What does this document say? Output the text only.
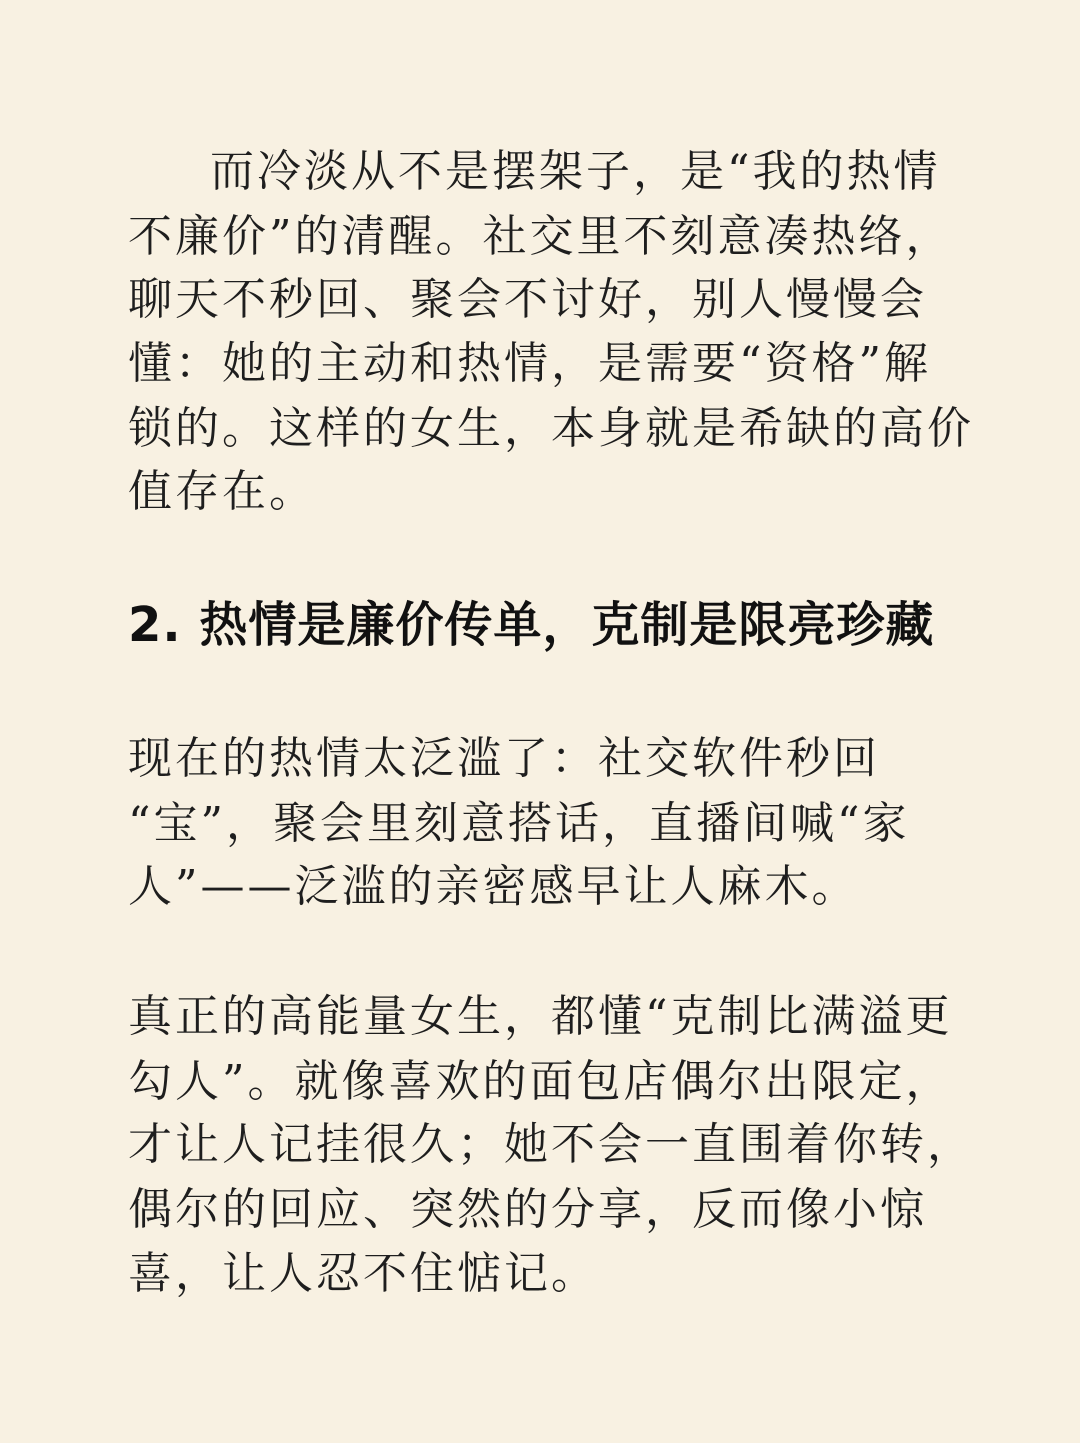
而冷淡从不是摆架子，是“我的热情
不廉价”的清醒。社交里不刻意凑热络，
聊天不秒回、聚会不讨好，别人慢慢会
懂：她的主动和热情，是需要“资格”解
锁的。这样的女生，本身就是希缺的高价
值存在。
2. 热情是廉价传单，克制是限亮珍藏
现在的热情太泛滥了：社交软件秒回
“宝”，聚会里刻意搭话，直播间喊“家
人”——泛滥的亲密感早让人麻木。
真正的高能量女生，都懂“克制比满溢更
勾人”。就像喜欢的面包店偶尔出限定，
才让人记挂很久；她不会一直围着你转，
偶尔的回应、突然的分享，反而像小惊
喜，让人忍不住惦记。
